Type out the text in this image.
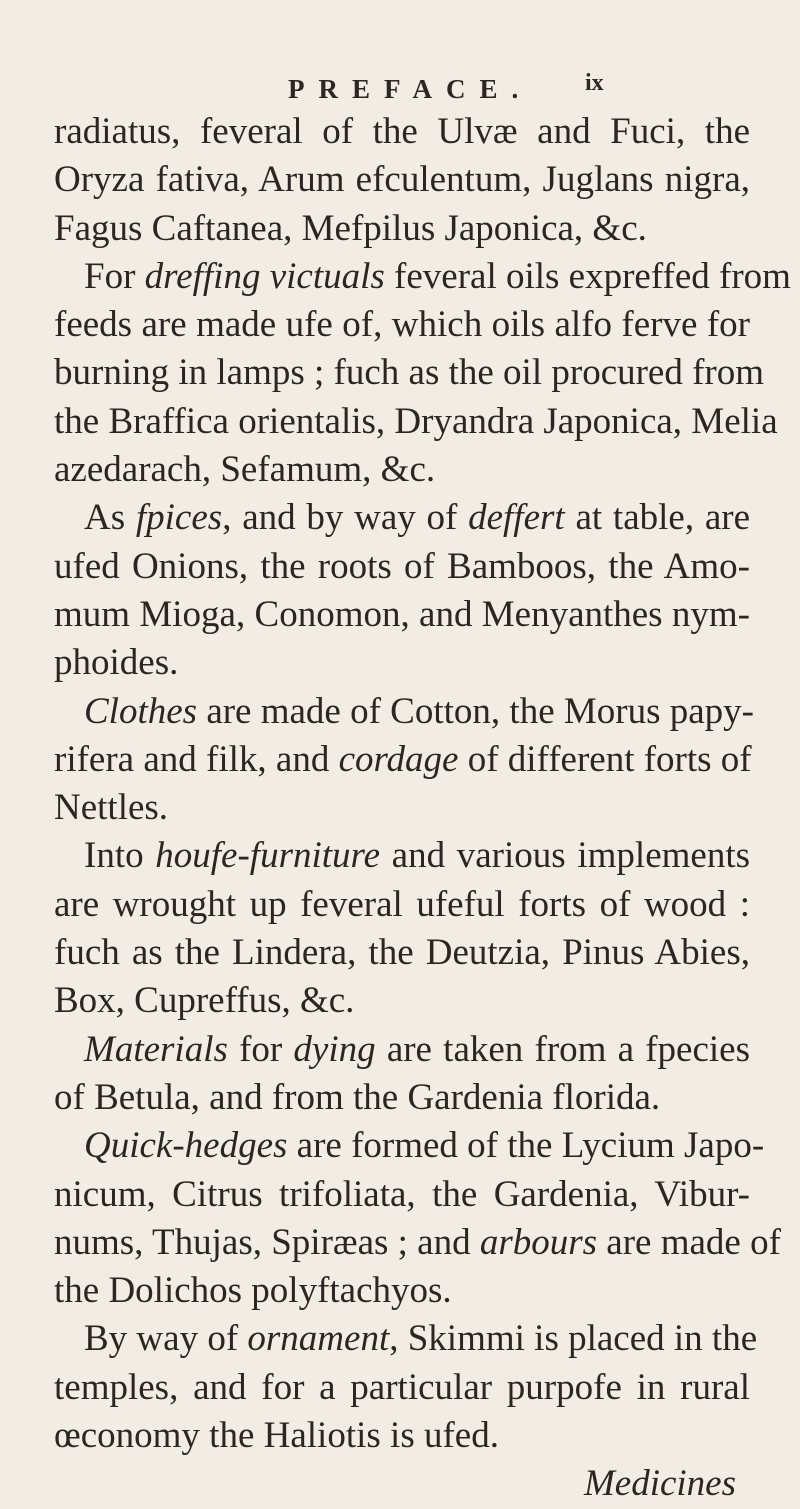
PREFACE. ix
radiatus, feveral of the Ulvæ and Fuci, the
Oryza fativa, Arum efculentum, Juglans nigra,
Fagus Caftanea, Mefpilus Japonica, &c.
For dreffing victuals feveral oils expreffed from
feeds are made ufe of, which oils alfo ferve for
burning in lamps ; fuch as the oil procured from
the Braffica orientalis, Dryandra Japonica, Melia
azedarach, Sefamum, &c.
As fpices, and by way of deffert at table, are
ufed Onions, the roots of Bamboos, the Amo-
mum Mioga, Conomon, and Menyanthes nym-
phoides.
Clothes are made of Cotton, the Morus papy-
rifera and filk, and cordage of different forts of
Nettles.
Into houfe-furniture and various implements
are wrought up feveral ufeful forts of wood :
fuch as the Lindera, the Deutzia, Pinus Abies,
Box, Cupreffus, &c.
Materials for dying are taken from a fpecies
of Betula, and from the Gardenia florida.
Quick-hedges are formed of the Lycium Japo-
nicum, Citrus trifoliata, the Gardenia, Vibur-
nums, Thujas, Spiræas ; and arbours are made of
the Dolichos polyftachyos.
By way of ornament, Skimmi is placed in the
temples, and for a particular purpofe in rural
œconomy the Haliotis is ufed.
Medicines
